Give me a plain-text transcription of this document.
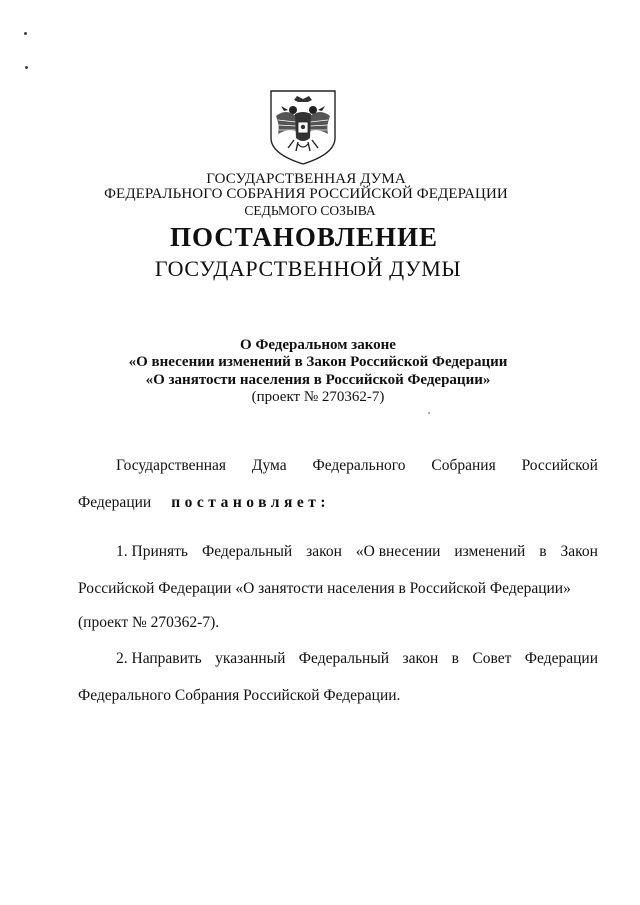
ГОСУДАРСТВЕННАЯ ДУМА
ФЕДЕРАЛЬНОГО СОБРАНИЯ РОССИЙСКОЙ ФЕДЕРАЦИИ
СЕДЬМОГО СОЗЫВА
ПОСТАНОВЛЕНИЕ
ГОСУДАРСТВЕННОЙ ДУМЫ
О Федеральном законе
«О внесении изменений в Закон Российской Федерации
«О занятости населения в Российской Федерации»
(проект № 270362-7)
Государственная Дума Федерального Собрания Российской
Федерации постановляет:
1. Принять Федеральный закон «О внесении изменений в Закон
Российской Федерации «О занятости населения в Российской Федерации»
(проект № 270362-7).
2. Направить указанный Федеральный закон в Совет Федерации
Федерального Собрания Российской Федерации.
